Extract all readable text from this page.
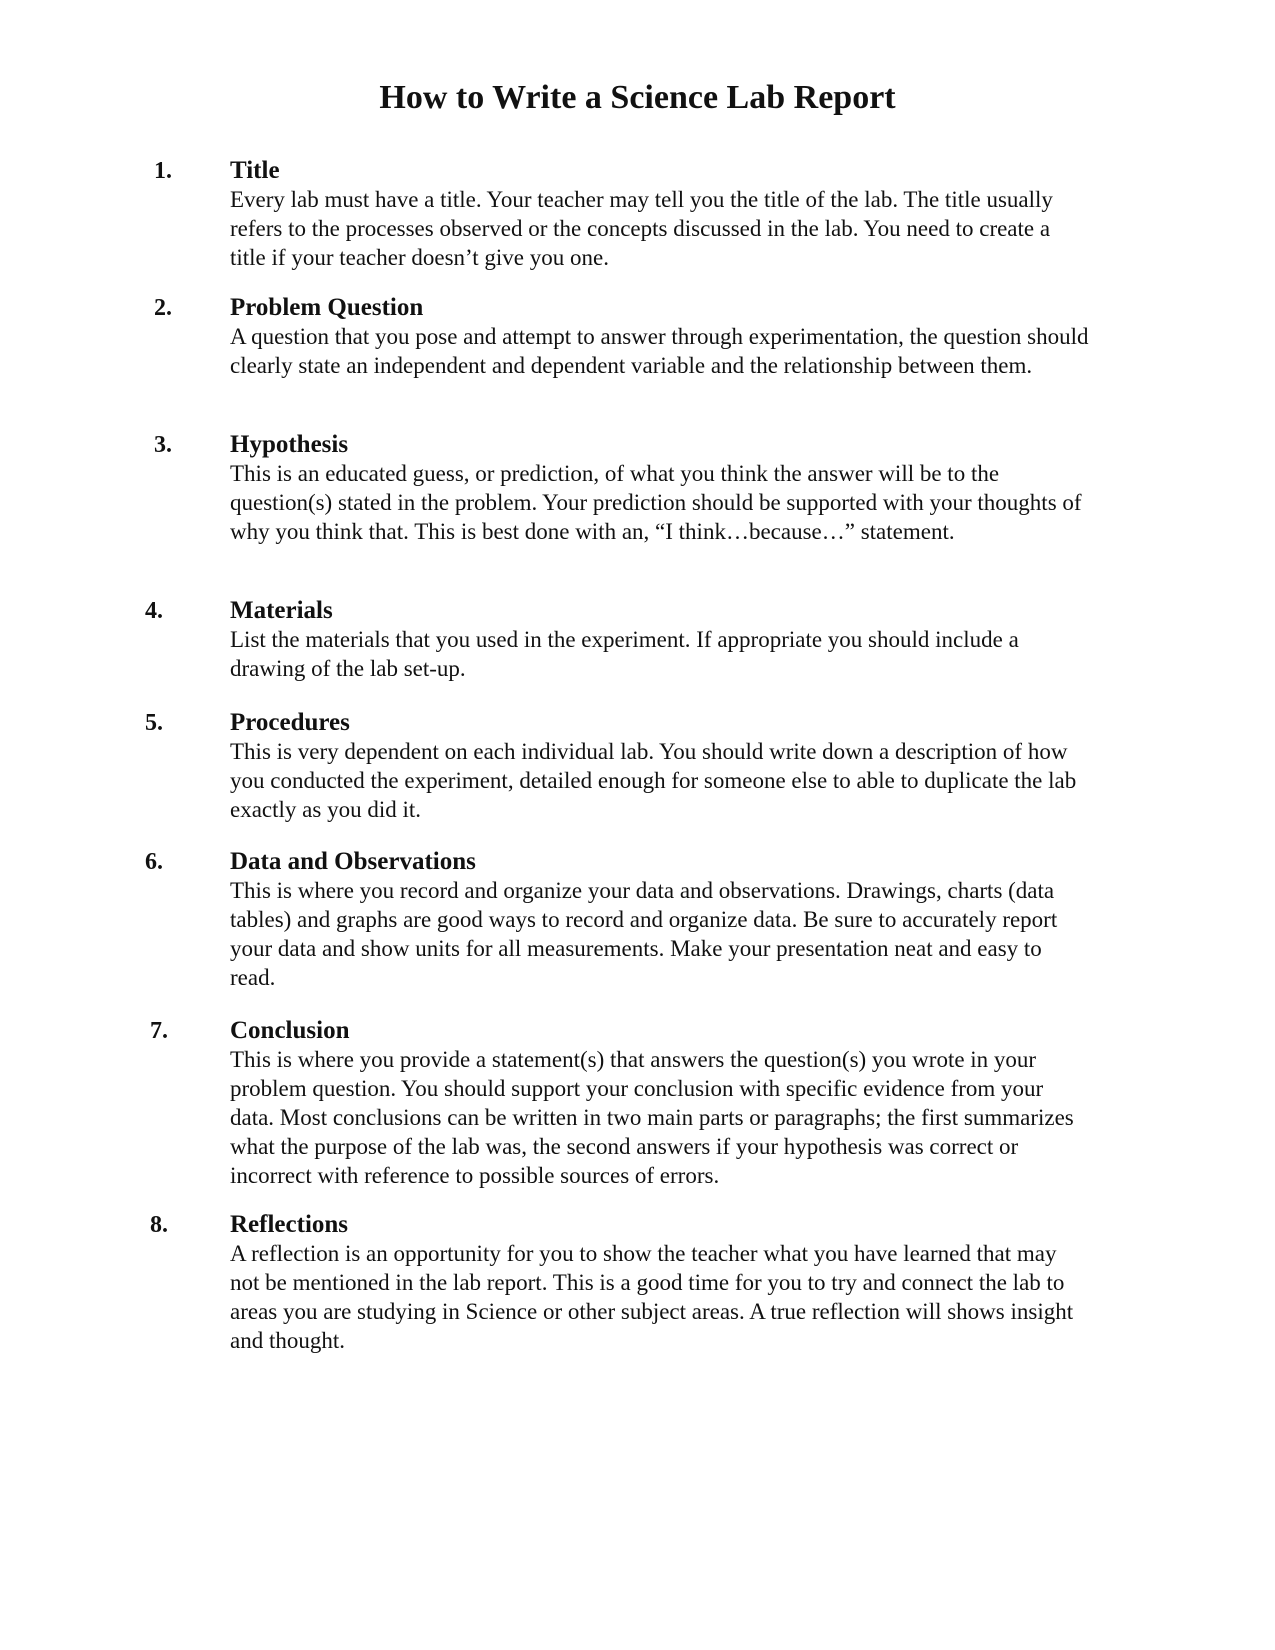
How to Write a Science Lab Report
1. Title

Every lab must have a title. Your teacher may tell you the title of the lab. The title usually refers to the processes observed or the concepts discussed in the lab. You need to create a title if your teacher doesn’t give you one.

2. Problem Question

A question that you pose and attempt to answer through experimentation, the question should clearly state an independent and dependent variable and the relationship between them.

3. Hypothesis

This is an educated guess, or prediction, of what you think the answer will be to the question(s) stated in the problem. Your prediction should be supported with your thoughts of why you think that. This is best done with an, “I think…because…” statement.

4.	Materials

List the materials that you used in the experiment. If appropriate you should include a drawing of the lab set-up.

5.	Procedures

This is very dependent on each individual lab. You should write down a description of how you conducted the experiment, detailed enough for someone else to able to duplicate the lab exactly as you did it.

6.	Data and Observations

This is where you record and organize your data and observations. Drawings, charts (data tables) and graphs are good ways to record and organize data. Be sure to accurately report your data and show units for all measurements. Make your presentation neat and easy to read.

7. Conclusion

This is where you provide a statement(s) that answers the question(s) you wrote in your problem question. You should support your conclusion with specific evidence from your data. Most conclusions can be written in two main parts or paragraphs; the first summarizes what the purpose of the lab was, the second answers if your hypothesis was correct or incorrect with reference to possible sources of errors.

8. Reflections

A reflection is an opportunity for you to show the teacher what you have learned that may not be mentioned in the lab report. This is a good time for you to try and connect the lab to areas you are studying in Science or other subject areas. A true reflection will shows insight and thought.
